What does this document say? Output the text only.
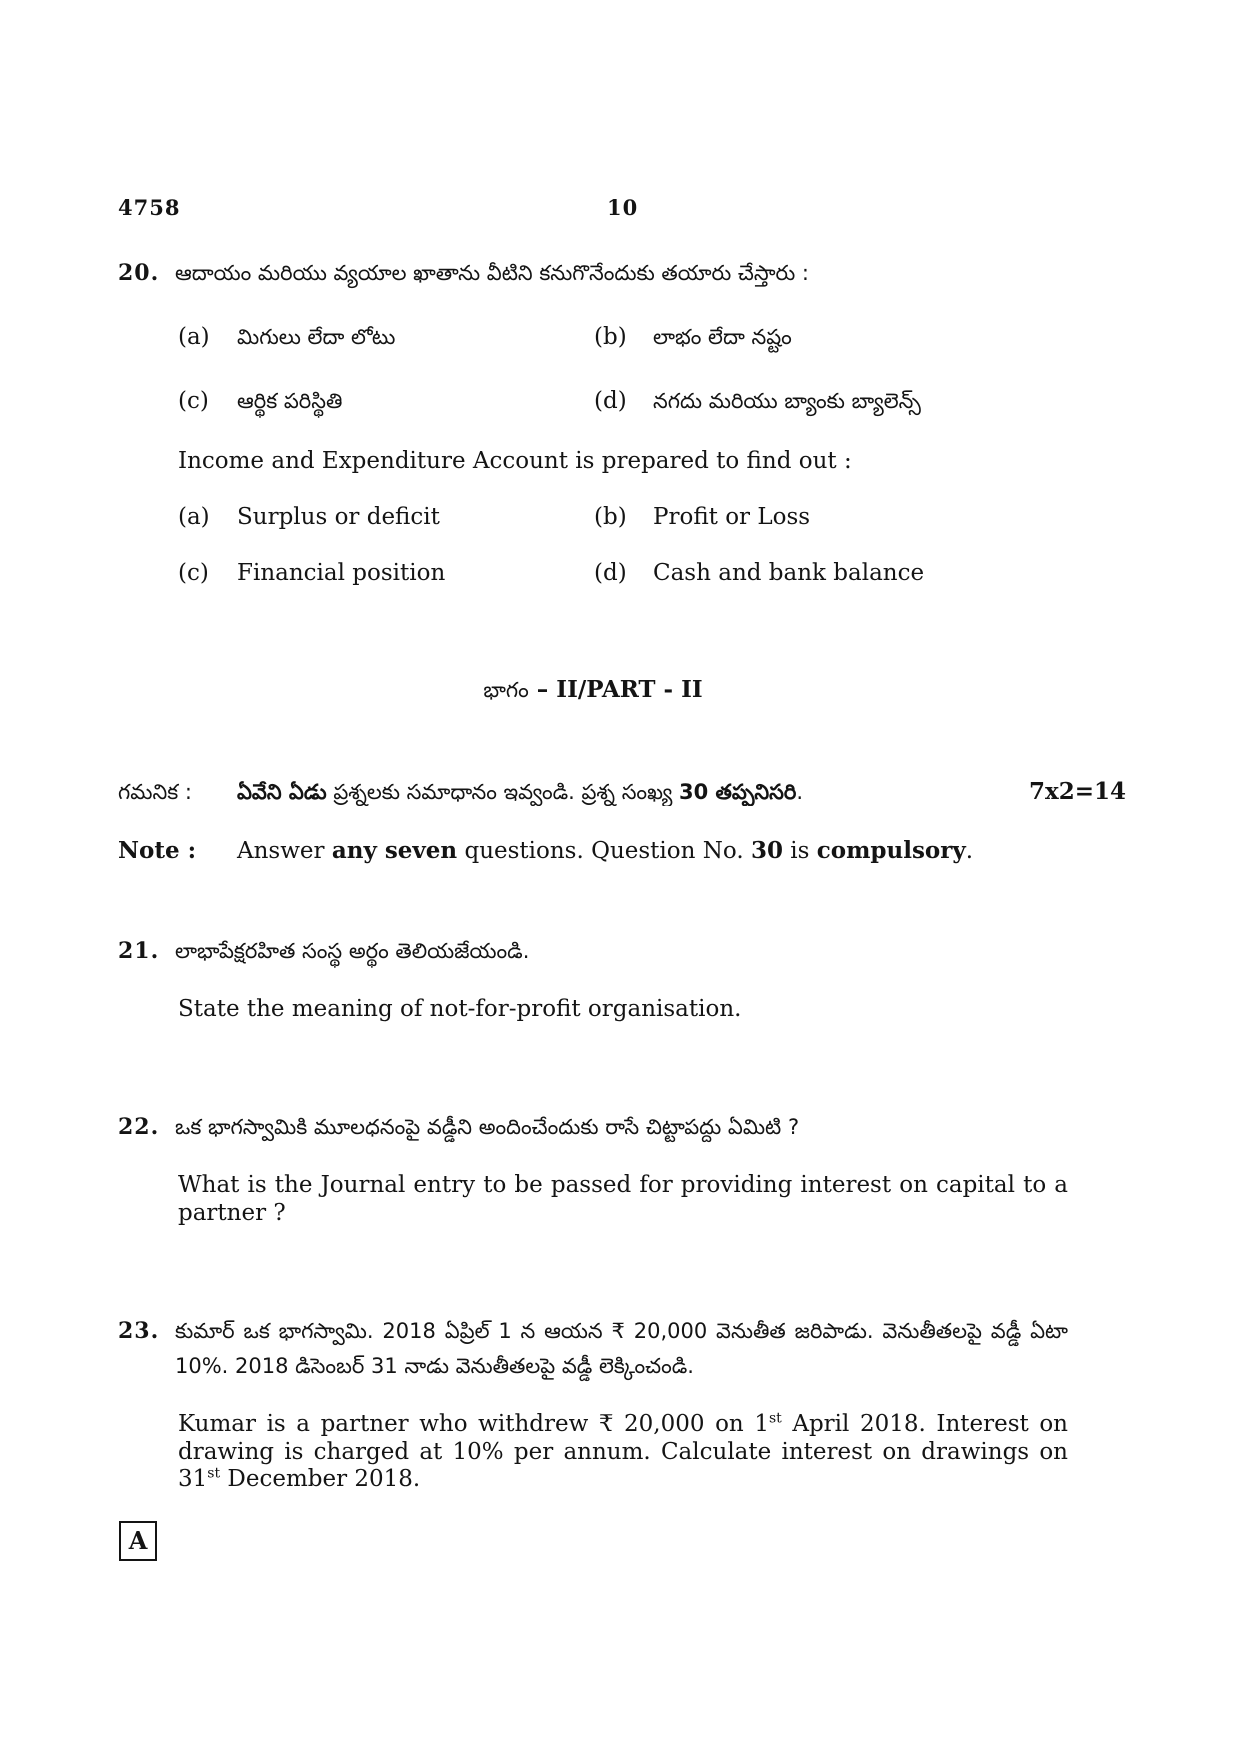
4758	10
20. ఆదాయం మరియు వ్యయాల ఖాతాను వీటిని కనుగొనేందుకు తయారు చేస్తారు :
(a) మిగులు లేదా లోటు	(b) లాభం లేదా నష్టం
(c) ఆర్థిక పరిస్థితి	(d) నగదు మరియు బ్యాంకు బ్యాలెన్స్
Income and Expenditure Account is prepared to find out :
(a) Surplus or deficit	(b) Profit or Loss
(c) Financial position	(d) Cash and bank balance
భాగం – II/PART - II
గమనిక : ఏవేని ఏడు ప్రశ్నలకు సమాధానం ఇవ్వండి. ప్రశ్న సంఖ్య 30 తప్పనిసరి.	7x2=14
Note : Answer any seven questions. Question No. 30 is compulsory.
21. లాభాపేక్షరహిత సంస్థ అర్థం తెలియజేయండి.
State the meaning of not-for-profit organisation.
22. ఒక భాగస్వామికి మూలధనంపై వడ్డీని అందించేందుకు రాసే చిట్టాపద్దు ఏమిటి ?
What is the Journal entry to be passed for providing interest on capital to a partner ?
23. కుమార్ ఒక భాగస్వామి. 2018 ఏప్రిల్ 1 న ఆయన ₹ 20,000 వెనుతీత జరిపాడు. వెనుతీతలపై వడ్డీ ఏటా 10%. 2018 డిసెంబర్ 31 నాడు వెనుతీతలపై వడ్డీ లెక్కించండి.
Kumar is a partner who withdrew ₹ 20,000 on 1st April 2018. Interest on drawing is charged at 10% per annum. Calculate interest on drawings on 31st December 2018.
A
